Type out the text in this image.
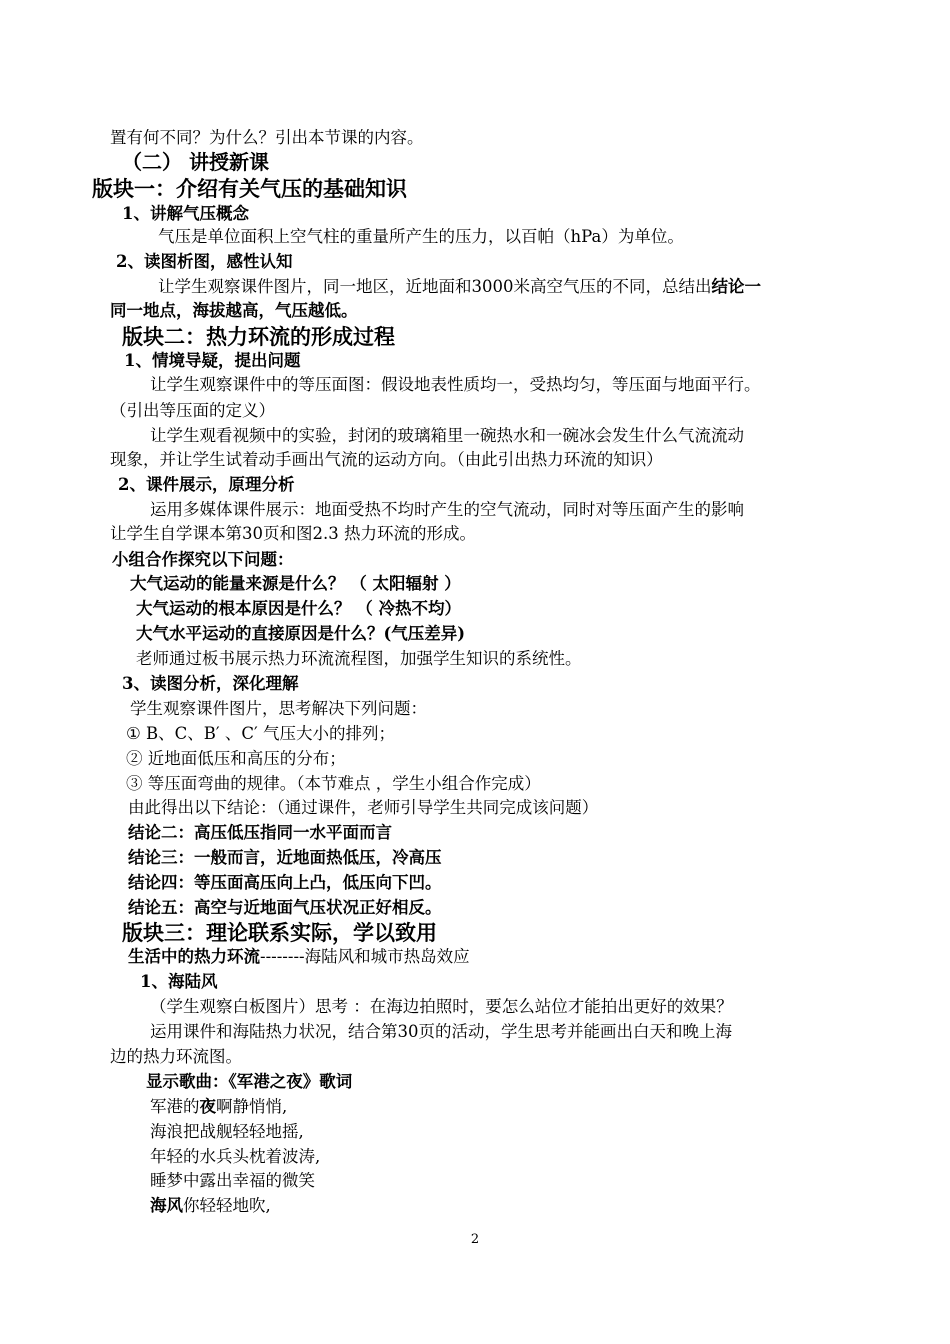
置有何不同？为什么？引出本节课的内容。
（二） 讲授新课
版块一：介绍有关气压的基础知识
1、讲解气压概念
气压是单位面积上空气柱的重量所产生的压力，以百帕（hPa）为单位。
2、读图析图，感性认知
让学生观察课件图片，同一地区，近地面和3000米高空气压的不同，总结出结论一
同一地点，海拔越高，气压越低。
版块二：热力环流的形成过程
1、情境导疑，提出问题
让学生观察课件中的等压面图：假设地表性质均一，受热均匀，等压面与地面平行。
（引出等压面的定义）
让学生观看视频中的实验，封闭的玻璃箱里一碗热水和一碗冰会发生什么气流流动
现象，并让学生试着动手画出气流的运动方向。（由此引出热力环流的知识）
2、课件展示，原理分析
运用多媒体课件展示：地面受热不均时产生的空气流动，同时对等压面产生的影响
让学生自学课本第30页和图2.3 热力环流的形成。
小组合作探究以下问题：
大气运动的能量来源是什么？ （ 太阳辐射 ）
大气运动的根本原因是什么？ （ 冷热不均）
大气水平运动的直接原因是什么？(气压差异)
老师通过板书展示热力环流流程图，加强学生知识的系统性。
3、读图分析，深化理解
学生观察课件图片，思考解决下列问题：
① B、C、B′ 、C′ 气压大小的排列；
② 近地面低压和高压的分布；
③ 等压面弯曲的规律。（本节难点 ，学生小组合作完成）
由此得出以下结论：（通过课件，老师引导学生共同完成该问题）
结论二：高压低压指同一水平面而言
结论三：一般而言，近地面热低压，冷高压
结论四：等压面高压向上凸，低压向下凹。
结论五：高空与近地面气压状况正好相反。
版块三：理论联系实际，学以致用
生活中的热力环流--------海陆风和城市热岛效应
1、海陆风
（学生观察白板图片）思考 ：在海边拍照时，要怎么站位才能拍出更好的效果？
运用课件和海陆热力状况，结合第30页的活动，学生思考并能画出白天和晚上海
边的热力环流图。
显示歌曲：《军港之夜》歌词
军港的夜啊静悄悄,
海浪把战舰轻轻地摇,
年轻的水兵头枕着波涛,
睡梦中露出幸福的微笑
海风你轻轻地吹,
2
